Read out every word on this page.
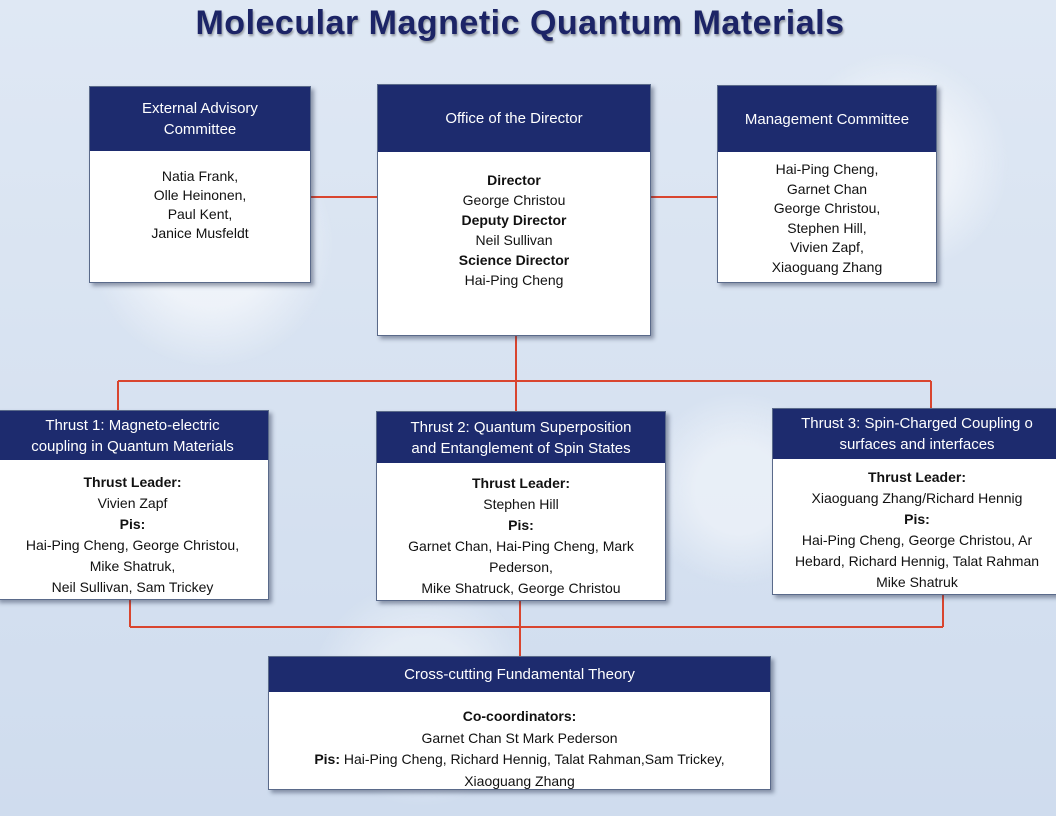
Molecular Magnetic Quantum Materials
External Advisory
Committee
Natia Frank,
Olle Heinonen,
Paul Kent,
Janice Musfeldt
Office of the Director
Director
George Christou
Deputy Director
Neil Sullivan
Science Director
Hai-Ping Cheng
Management Committee
Hai-Ping Cheng,
Garnet Chan
George Christou,
Stephen Hill,
Vivien Zapf,
Xiaoguang Zhang
Thrust 1: Magneto-electric
coupling in Quantum Materials
Thrust Leader:
Vivien Zapf
Pis:
Hai-Ping Cheng, George Christou,
Mike Shatruk,
Neil Sullivan, Sam Trickey
Thrust 2: Quantum Superposition
and Entanglement of Spin States
Thrust Leader:
Stephen Hill
Pis:
Garnet Chan, Hai-Ping Cheng, Mark
Pederson,
Mike Shatruck, George Christou
Thrust 3: Spin-Charged Coupling o
surfaces and interfaces
Thrust Leader:
Xiaoguang Zhang/Richard Hennig
Pis:
Hai-Ping Cheng, George Christou, Ar
Hebard, Richard Hennig, Talat Rahman
Mike Shatruk
Cross-cutting Fundamental Theory
Co-coordinators:
Garnet Chan St Mark Pederson
Pis: Hai-Ping Cheng, Richard Hennig, Talat Rahman,Sam Trickey,
Xiaoguang Zhang
